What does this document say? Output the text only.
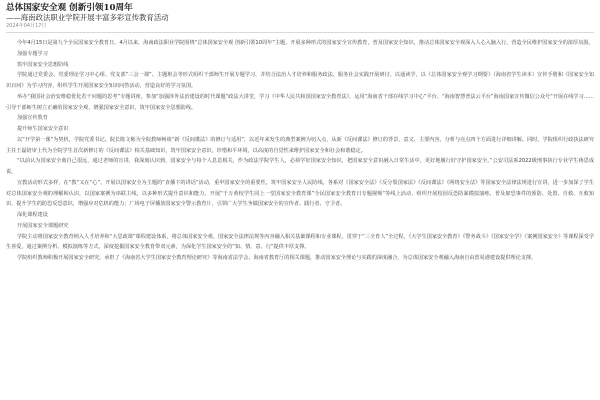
总体国家安全观 创新引领10周年
——海南政法职业学院开展丰富多彩宣传教育活动
2024年04月17日

今年4月15日是第九个全民国家安全教育日。4月以来，海南政法职业学院围绕“总体国家安全观 创新引领10周年”主题，开展多种形式的国家安全宣传教育，普及国家安全知识，推动总体国家安全观深入人心入脑入行，营造全民维护国家安全的浓厚氛围。

加强专题学习

筑牢国家安全思想防线

学院通过党委会、党委理论学习中心组、党支部“三会一课”、主题班会等形式组织干部师生开展专题学习，并结合法治人才培养和服务政法、服务社会实践开展研讨。以通读学，以《总体国家安全观学习纲要》（海南省学生读本）宣传手册和《国家安全知识百问》为学习内容，组织学生开展国家安全知识问答活动，营造良好的学习氛围。

举办“我国社会治安维稳优化若干问题的思考”专题讲座，参加“加强涉外法治建设的时代课题”政法大讲堂，学习《中华人民共和国国家安全教育法》，运用“海南省干部在线学习中心”平台、“海南智慧普法云平台”海南国家宣传微信公众号“开展在线学习……引导干部师生树立正确的国家安全观，增强国家安全意识，筑牢国家安全思想防线。

加强宣传教育

提升师生国家安全意识

以“开学第一课”为契机，学院党委书记、院长陈文彬为全院教师畅谈“新《反间谍法》的修订与适用”，以近年来发生的典型案例为切入点，从新《反间谍法》修订的背景、意义、主要内容、分析与亮点四个方面进行详细讲解。同时，学院组织行政执法研究主任王磊陪审士代为全院学生首次新修订的《反间谍法》相关基础知识，筑牢国家安全意识，珍惜和平环境，以高度的自觉性来维护国家安全和社会和谐稳定。

“以前认为国家安全离自己很远，通过老师的宣讲，我深刻认识到，国家安全与每个人息息相关，作为政法学院学生人，必须学好国家安全知识，把国家安全意识融入日常生活中，更好地履行好守护国家安全。”公安司法系2022级刑事执行专业学生蒋思成说。

宣教活动形式多样，在“教”又在“心”。开展以国家安全为主题的“直播下的讲话”活动，重申国家安全的重要性，筑牢国家安全人民防线。各系对《国家安全法》《反分裂国家法》《反间谍法》《网络安全法》等国家安全法律法规进行宣讲，进一步加深了学生对总体国家安全观的理解和认识，以国家案例为串联主线，以多种形式提升意识和能力，开展“千万黄校学生同上一堂国家安全教育课”全民国家安全教育日专题视频“等线上活动，组织开展校园反恐防暴模拟演练，普及雇恐事件的预防、处置、自救、互救知识，提升学生的防恐反恐意识，增强应对危机的能力；广场电子屏播放国家安全警示教育片，引领广大学生争做国家安全的宣传者、践行者、守卫者。

深化课程建设

开展国家安全课题研究

学院主动将国家安全教育纳入人才培养和“大思政课”课程建设体系，将总体国家安全观、国家安全法律法规等内容融入相关基础课程和专业课程，贯穿于“三全育人”全过程。《大学生国家安全教育》《警务战斗》《国家安全学》《案例国家安全》等课程深受学生喜爱，通过案例分析、模拟演练等方式，深度挖掘国家安全教育带双元素，为深化学生国家安全的“知、情、意、行”提供丰厚支撑。

学院组织教师积极开展国家安全研究。承担了《海南省大学生国家安全教育理论研究》等海南省法学会、海南省教育厅的相关课题，推动国家安全理论与实践的深度融合，为总体国家安全观融入海南自由贸易港建设提供理论支撑。
